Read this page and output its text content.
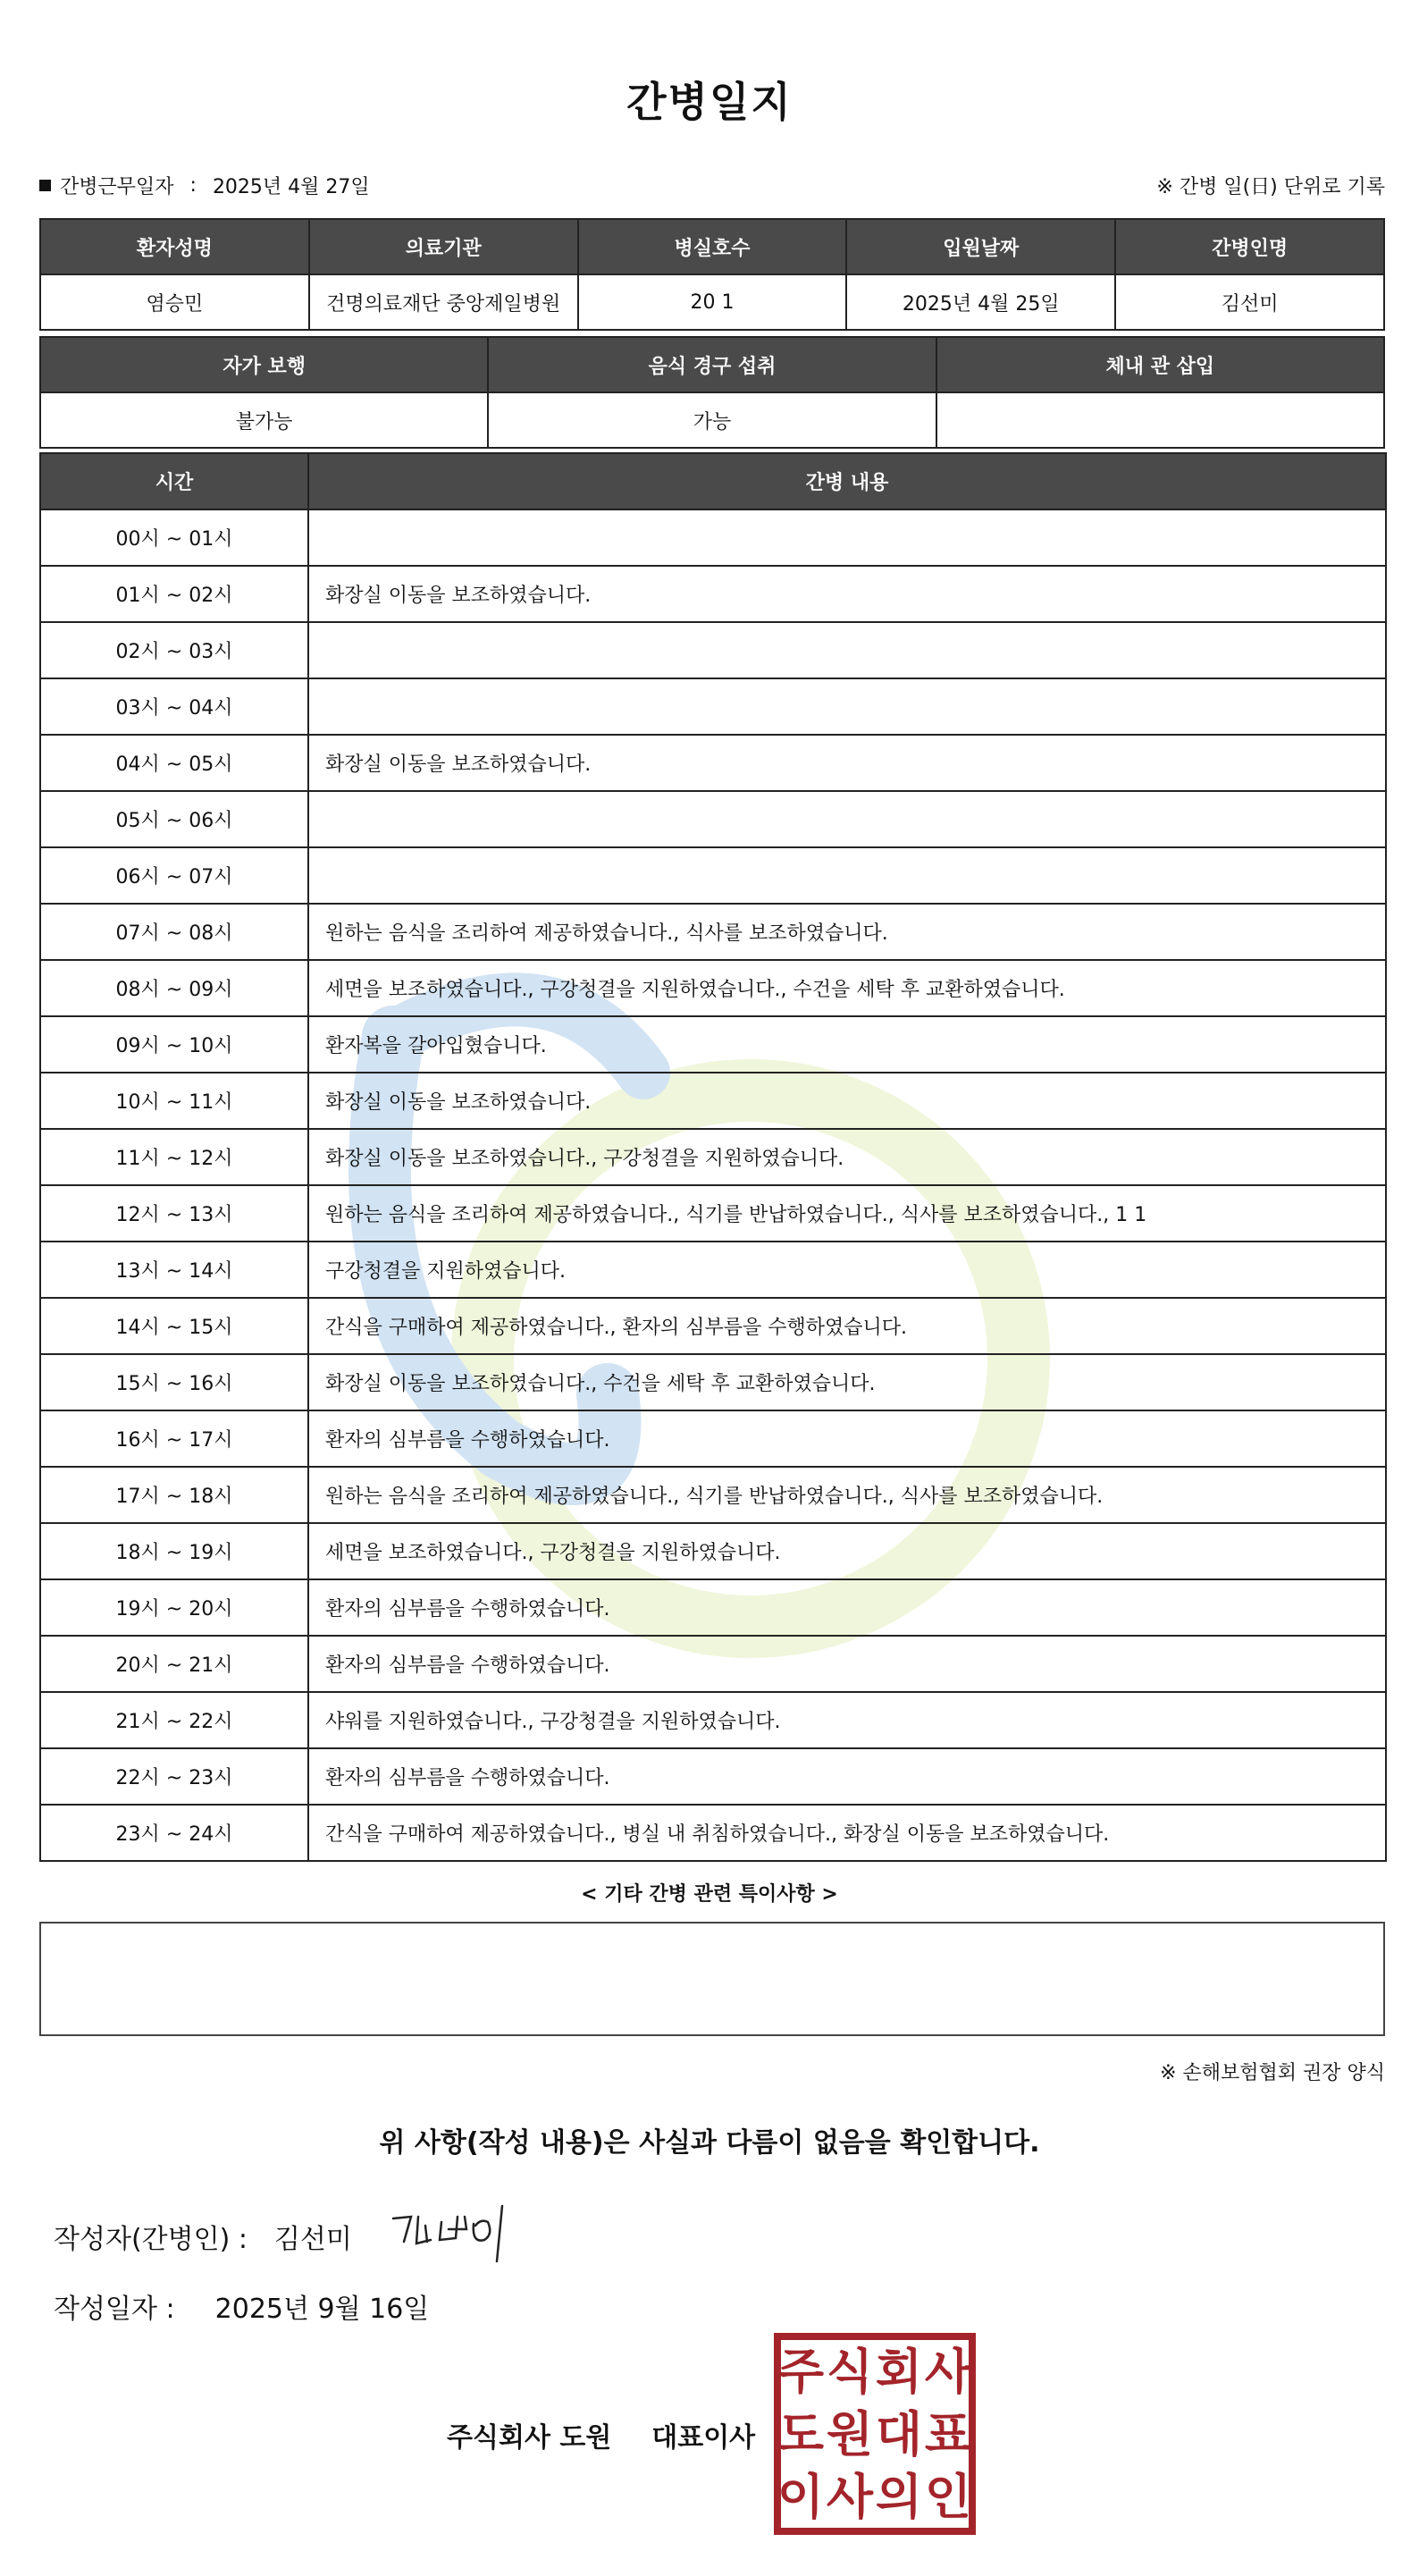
간병일지
간병근무일자 : 2025년 4월 27일	※ 간병 일(日) 단위로 기록
환자성명	의료기관	병실호수	입원날짜	간병인명
염승민	건명의료재단 중앙제일병원	20 1	2025년 4월 25일	김선미
자가 보행	음식 경구 섭취	체내 관 삽입
불가능	가능	
시간	간병 내용
00시 ~ 01시	
01시 ~ 02시	화장실 이동을 보조하였습니다.
02시 ~ 03시	
03시 ~ 04시	
04시 ~ 05시	화장실 이동을 보조하였습니다.
05시 ~ 06시	
06시 ~ 07시	
07시 ~ 08시	원하는 음식을 조리하여 제공하였습니다., 식사를 보조하였습니다.
08시 ~ 09시	세면을 보조하였습니다., 구강청결을 지원하였습니다., 수건을 세탁 후 교환하였습니다.
09시 ~ 10시	환자복을 갈아입혔습니다.
10시 ~ 11시	화장실 이동을 보조하였습니다.
11시 ~ 12시	화장실 이동을 보조하였습니다., 구강청결을 지원하였습니다.
12시 ~ 13시	원하는 음식을 조리하여 제공하였습니다., 식기를 반납하였습니다., 식사를 보조하였습니다., 1 1
13시 ~ 14시	구강청결을 지원하였습니다.
14시 ~ 15시	간식을 구매하여 제공하였습니다., 환자의 심부름을 수행하였습니다.
15시 ~ 16시	화장실 이동을 보조하였습니다., 수건을 세탁 후 교환하였습니다.
16시 ~ 17시	환자의 심부름을 수행하였습니다.
17시 ~ 18시	원하는 음식을 조리하여 제공하였습니다., 식기를 반납하였습니다., 식사를 보조하였습니다.
18시 ~ 19시	세면을 보조하였습니다., 구강청결을 지원하였습니다.
19시 ~ 20시	환자의 심부름을 수행하였습니다.
20시 ~ 21시	환자의 심부름을 수행하였습니다.
21시 ~ 22시	샤워를 지원하였습니다., 구강청결을 지원하였습니다.
22시 ~ 23시	환자의 심부름을 수행하였습니다.
23시 ~ 24시	간식을 구매하여 제공하였습니다., 병실 내 취침하였습니다., 화장실 이동을 보조하였습니다.
< 기타 간병 관련 특이사항 >
※ 손해보험협회 권장 양식
위 사항(작성 내용)은 사실과 다름이 없음을 확인합니다.
작성자(간병인) : 김선미
작성일자 : 2025년 9월 16일
주식회사 도원 대표이사
주 식 회 사
도 원 대 표
이 사 의 인
